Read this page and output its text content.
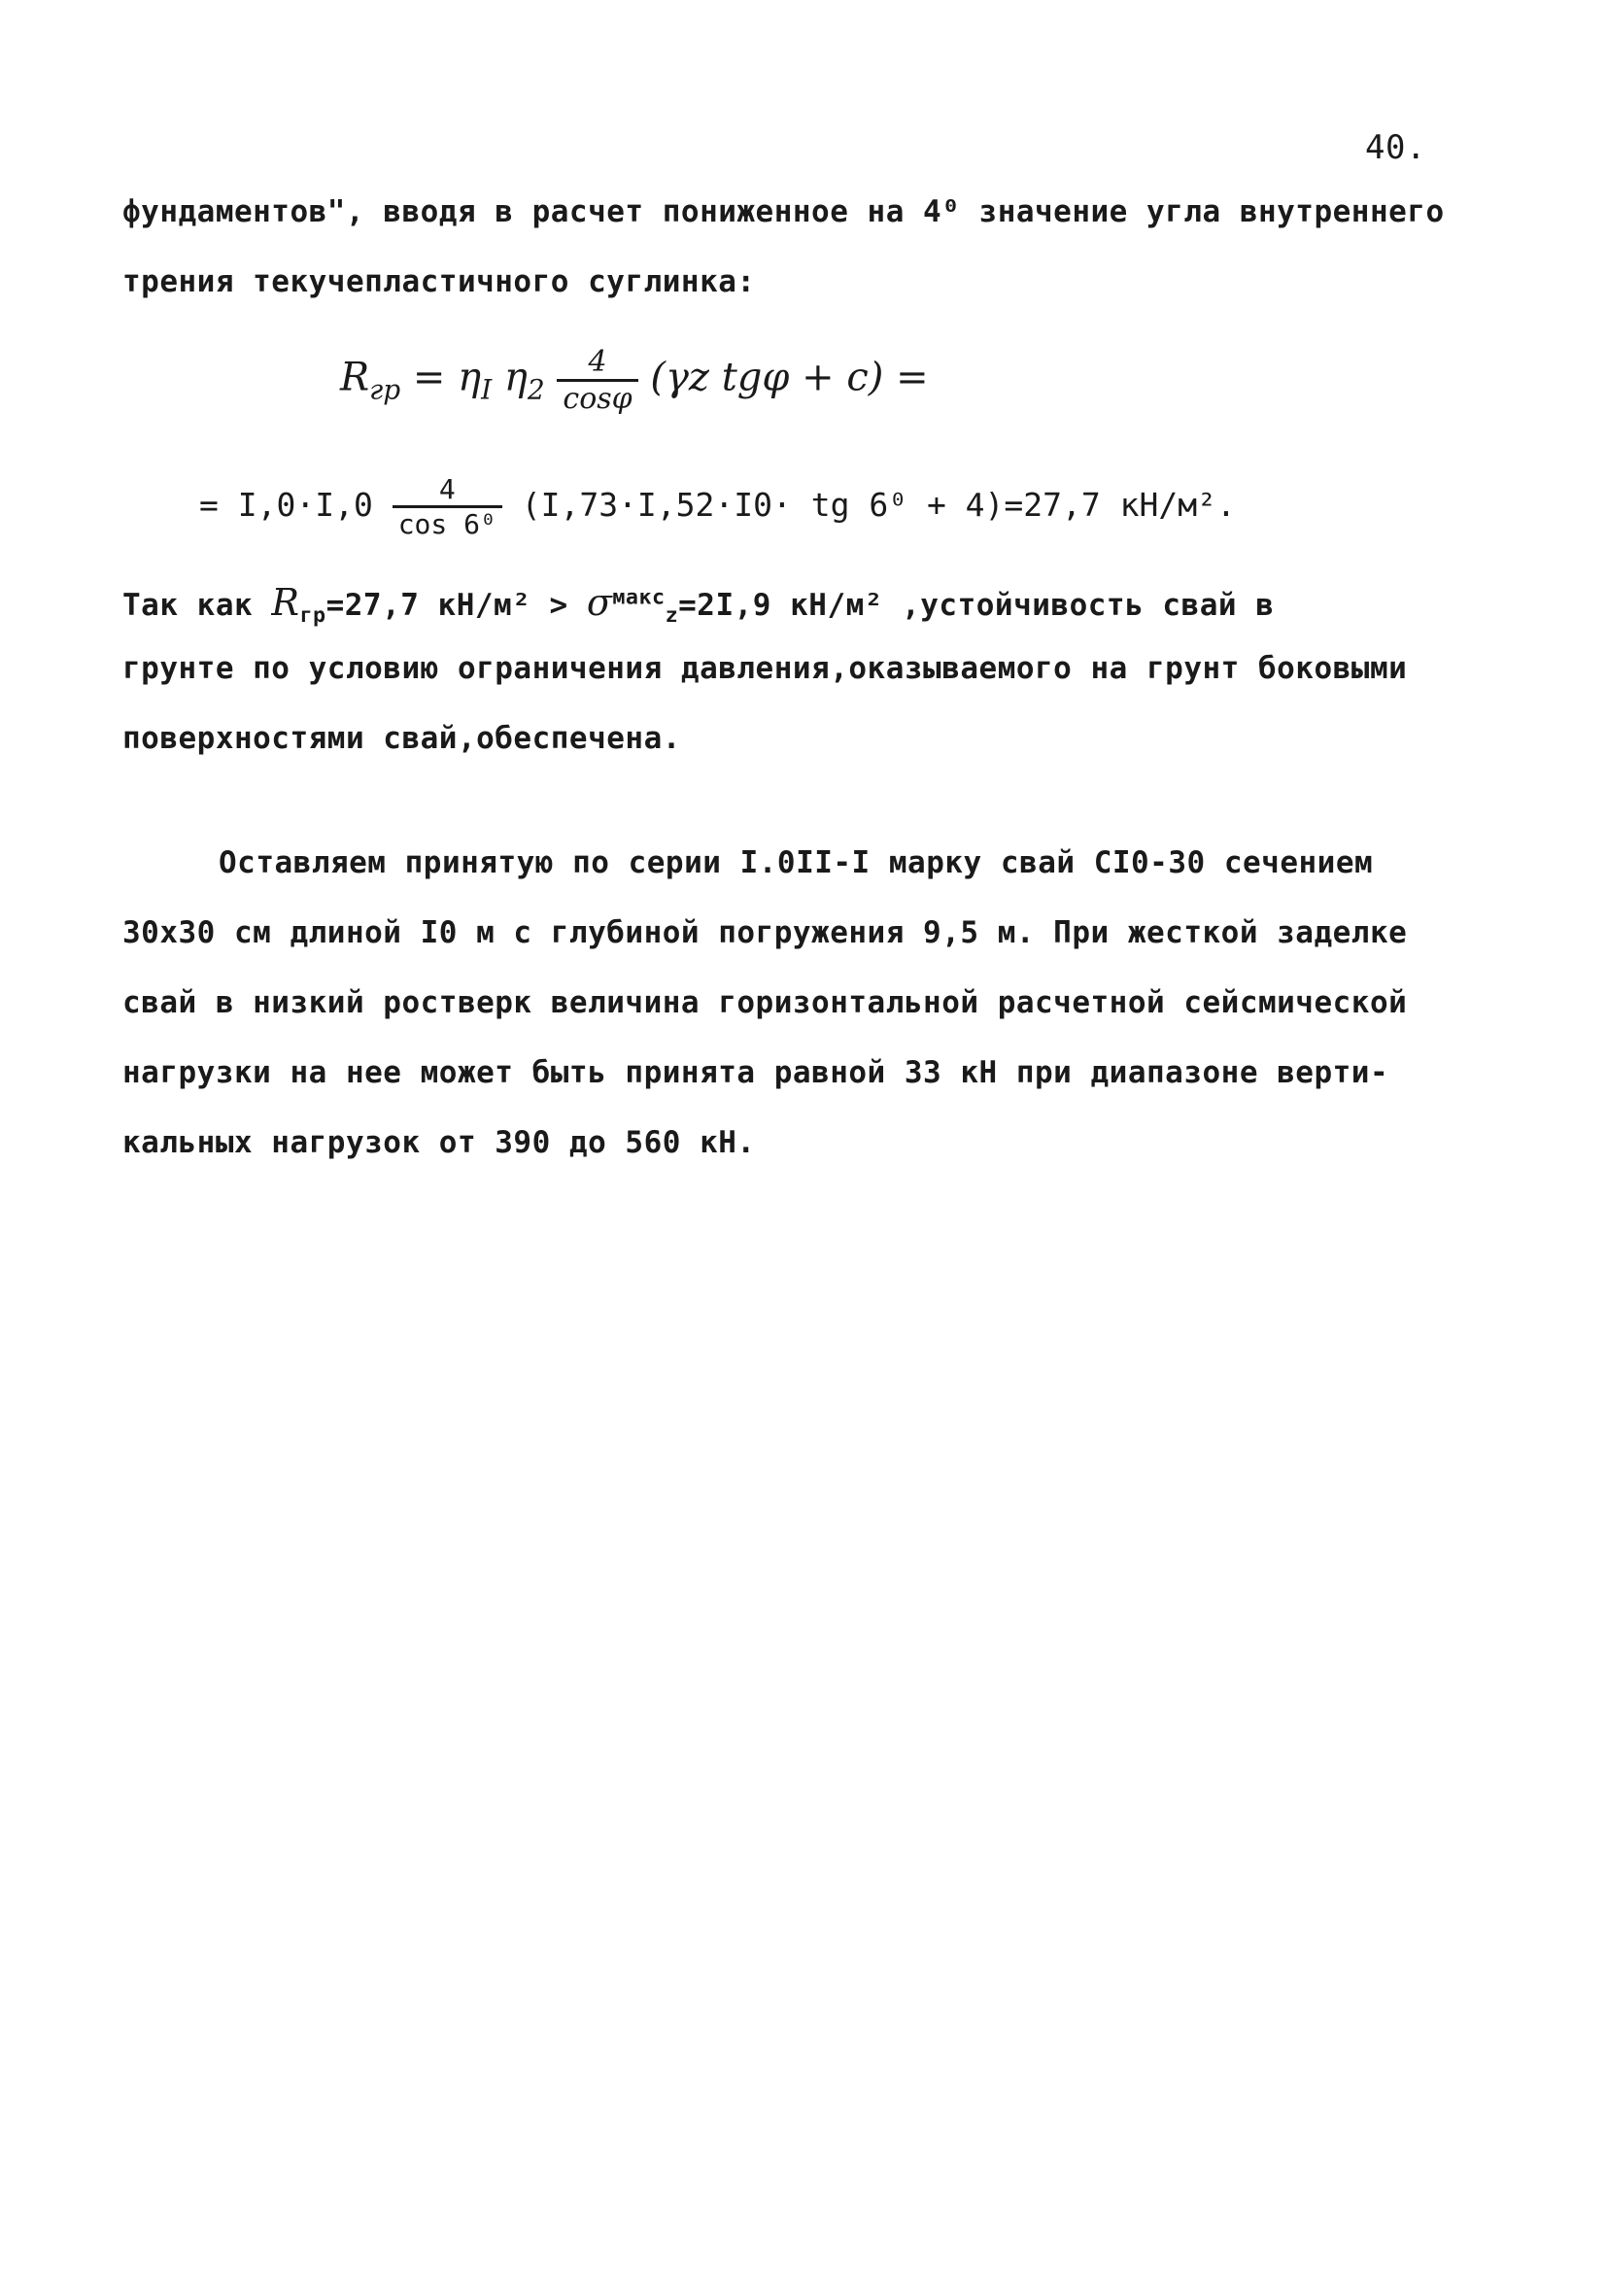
40.
фундаментов", вводя в расчет пониженное на 4⁰ значение угла внутреннего
трения текучепластичного суглинка:
$R_{гр} = \eta_I$ $\eta_2 \frac{4}{\cos\varphi} (\gamma z$ tgφ + c) =
= $I,0\cdot I,0 \frac{4}{\text{cos 6⁰}} (I,73\cdot I,52\cdot I0\cdot$ tg 6⁰ + 4)=27,7 кН/м².
Так как $R_{гр}=27,7$ $кН/м^2 > \sigma^{макс}_z=2I,9$ кН/м² ,устойчивость свай в
грунте по условию ограничения давления,оказываемого на грунт боковыми
поверхностями свай,обеспечена.
Оставляем принятую по серии I.0II-I марку свай СI0-30 сечением
30х30 см длиной I0 м с глубиной погружения 9,5 м. При жесткой заделке
свай в низкий ростверк величина горизонтальной расчетной сейсмической
нагрузки на нее может быть принята равной 33 кН при диапазоне верти-
кальных нагрузок от 390 до 560 кН.
